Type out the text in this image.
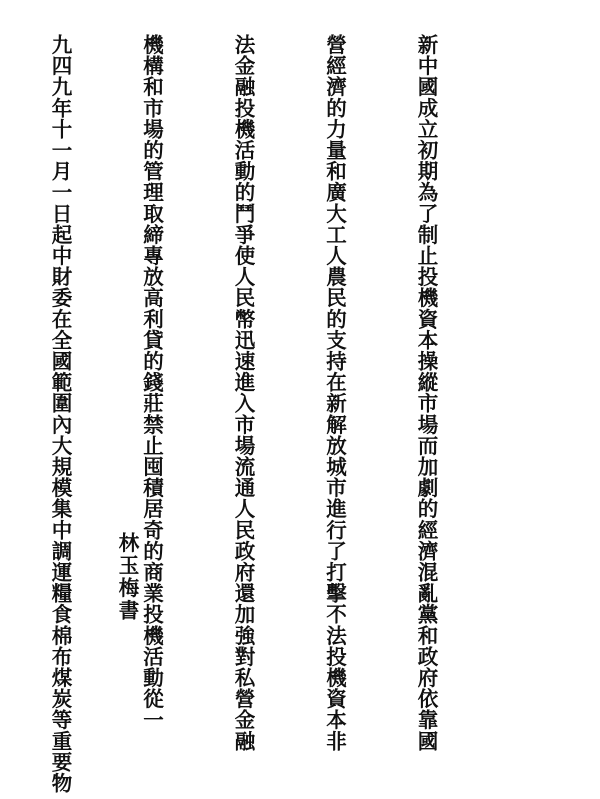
新中國成立初期為了制止投機資本操縱市場而加劇的經濟混亂黨和政府依靠國

營經濟的力量和廣大工人農民的支持在新解放城市進行了打擊不法投機資本非

法金融投機活動的鬥爭使人民幣迅速進入市場流通人民政府還加強對私營金融

機構和市場的管理取締專放高利貸的錢莊禁止囤積居奇的商業投機活動從一

九四九年十一月一日起中財委在全國範圍內大規模集中調運糧食棉布煤炭等重要物

林玉梅書
